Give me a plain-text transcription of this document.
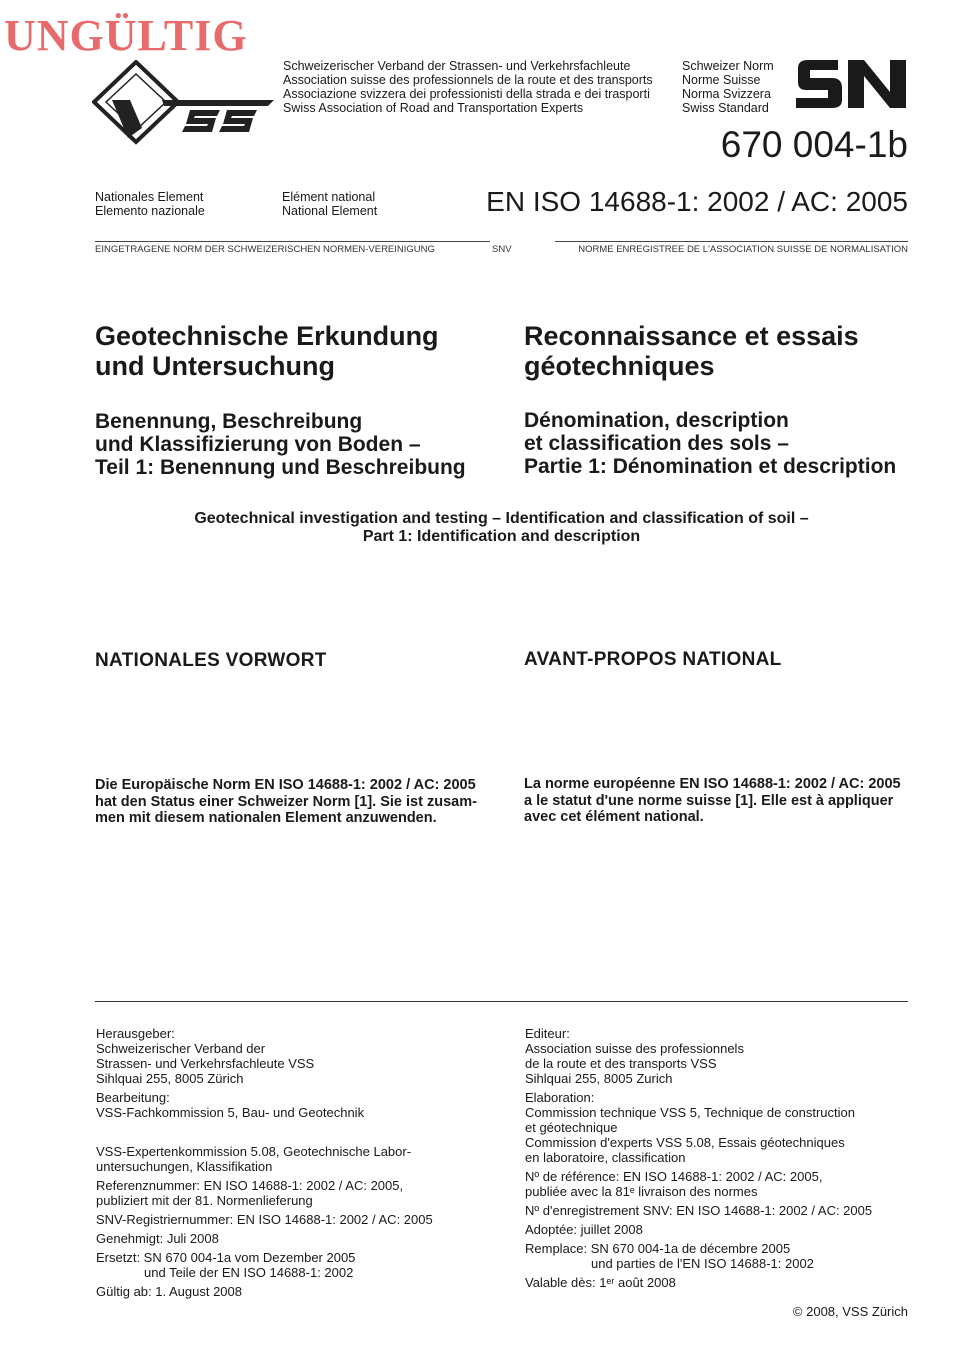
UNGÜLTIG
Schweizerischer Verband der Strassen- und Verkehrsfachleute
Association suisse des professionnels de la route et des transports
Associazione svizzera dei professionisti della strada e dei trasporti
Swiss Association of Road and Transportation Experts
Schweizer Norm
Norme Suisse
Norma Svizzera
Swiss Standard
670 004-1b
Nationales Element
Elemento nazionale
Elément national
National Element	EN ISO 14688-1: 2002 / AC: 2005
EINGETRAGENE NORM DER SCHWEIZERISCHEN NORMEN-VEREINIGUNG	SNV	NORME ENREGISTREE DE L'ASSOCIATION SUISSE DE NORMALISATION
Geotechnische Erkundung
und Untersuchung
Reconnaissance et essais
géotechniques
Benennung, Beschreibung
und Klassifizierung von Boden –
Teil 1: Benennung und Beschreibung
Dénomination, description
et classification des sols –
Partie 1: Dénomination et description
Geotechnical investigation and testing – Identification and classification of soil –
Part 1: Identification and description
NATIONALES VORWORT	AVANT-PROPOS NATIONAL
Die Europäische Norm EN ISO 14688-1: 2002 / AC: 2005
hat den Status einer Schweizer Norm [1]. Sie ist zusam-
men mit diesem nationalen Element anzuwenden.
La norme européenne EN ISO 14688-1: 2002 / AC: 2005
a le statut d'une norme suisse [1]. Elle est à appliquer
avec cet élément national.

Herausgeber:

Schweizerischer Verband der

Strassen- und Verkehrsfachleute VSS

Sihlquai 255, 8005 Zürich

Bearbeitung:

VSS-Fachkommission 5, Bau- und Geotechnik

VSS-Expertenkommission 5.08, Geotechnische Labor-

untersuchungen, Klassifikation

Referenznummer: EN ISO 14688-1: 2002 / AC: 2005,

publiziert mit der 81. Normenlieferung

SNV-Registriernummer: EN ISO 14688-1: 2002 / AC: 2005

Genehmigt: Juli 2008

Ersetzt: SN 670 004-1a vom Dezember 2005

und Teile der EN ISO 14688-1: 2002

Gültig ab: 1. August 2008

Editeur:

Association suisse des professionnels

de la route et des transports VSS

Sihlquai 255, 8005 Zurich

Elaboration:

Commission technique VSS 5, Technique de construction

et géotechnique

Commission d'experts VSS 5.08, Essais géotechniques

en laboratoire, classification

Nº de référence: EN ISO 14688-1: 2002 / AC: 2005,

publiée avec la 81ᵉ livraison des normes

Nº d'enregistrement SNV: EN ISO 14688-1: 2002 / AC: 2005

Adoptée: juillet 2008

Remplace: SN 670 004-1a de décembre 2005

und parties de l'EN ISO 14688-1: 2002

Valable dès: 1ᵉʳ août 2008

© 2008, VSS Zürich
